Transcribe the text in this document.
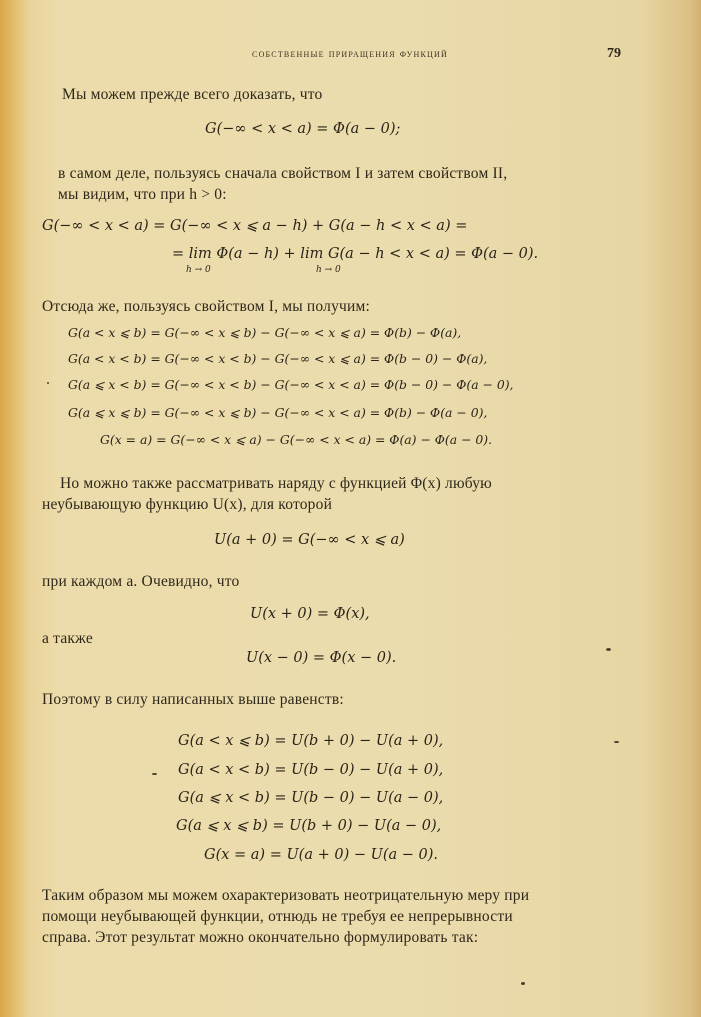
собственные приращения функций	79
Мы можем прежде всего доказать, что
G(−∞ < x < a) = Φ(a − 0);
в самом деле, пользуясь сначала свойством I и затем свойством II,
мы видим, что при h > 0:
G(−∞ < x < a) = G(−∞ < x ⩽ a − h) + G(a − h < x < a) =
= lim Φ(a − h) + lim G(a − h < x < a) = Φ(a − 0).
h → 0	h → 0
Отсюда же, пользуясь свойством I, мы получим:
G(a < x ⩽ b) = G(−∞ < x ⩽ b) − G(−∞ < x ⩽ a) = Φ(b) − Φ(a),
G(a < x < b) = G(−∞ < x < b) − G(−∞ < x ⩽ a) = Φ(b − 0) − Φ(a),
G(a ⩽ x < b) = G(−∞ < x < b) − G(−∞ < x < a) = Φ(b − 0) − Φ(a − 0),
G(a ⩽ x ⩽ b) = G(−∞ < x ⩽ b) − G(−∞ < x < a) = Φ(b) − Φ(a − 0),
G(x = a) = G(−∞ < x ⩽ a) − G(−∞ < x < a) = Φ(a) − Φ(a − 0).
Но можно также рассматривать наряду с функцией Φ(x) любую
неубывающую функцию U(x), для которой
U(a + 0) = G(−∞ < x ⩽ a)
при каждом a. Очевидно, что
U(x + 0) = Φ(x),
а также
U(x − 0) = Φ(x − 0).
Поэтому в силу написанных выше равенств:
G(a < x ⩽ b) = U(b + 0) − U(a + 0),
G(a < x < b) = U(b − 0) − U(a + 0),
G(a ⩽ x < b) = U(b − 0) − U(a − 0),
G(a ⩽ x ⩽ b) = U(b + 0) − U(a − 0),
G(x = a) = U(a + 0) − U(a − 0).
Таким образом мы можем охарактеризовать неотрицательную меру при
помощи неубывающей функции, отнюдь не требуя ее непрерывности
справа. Этот результат можно окончательно формулировать так:
